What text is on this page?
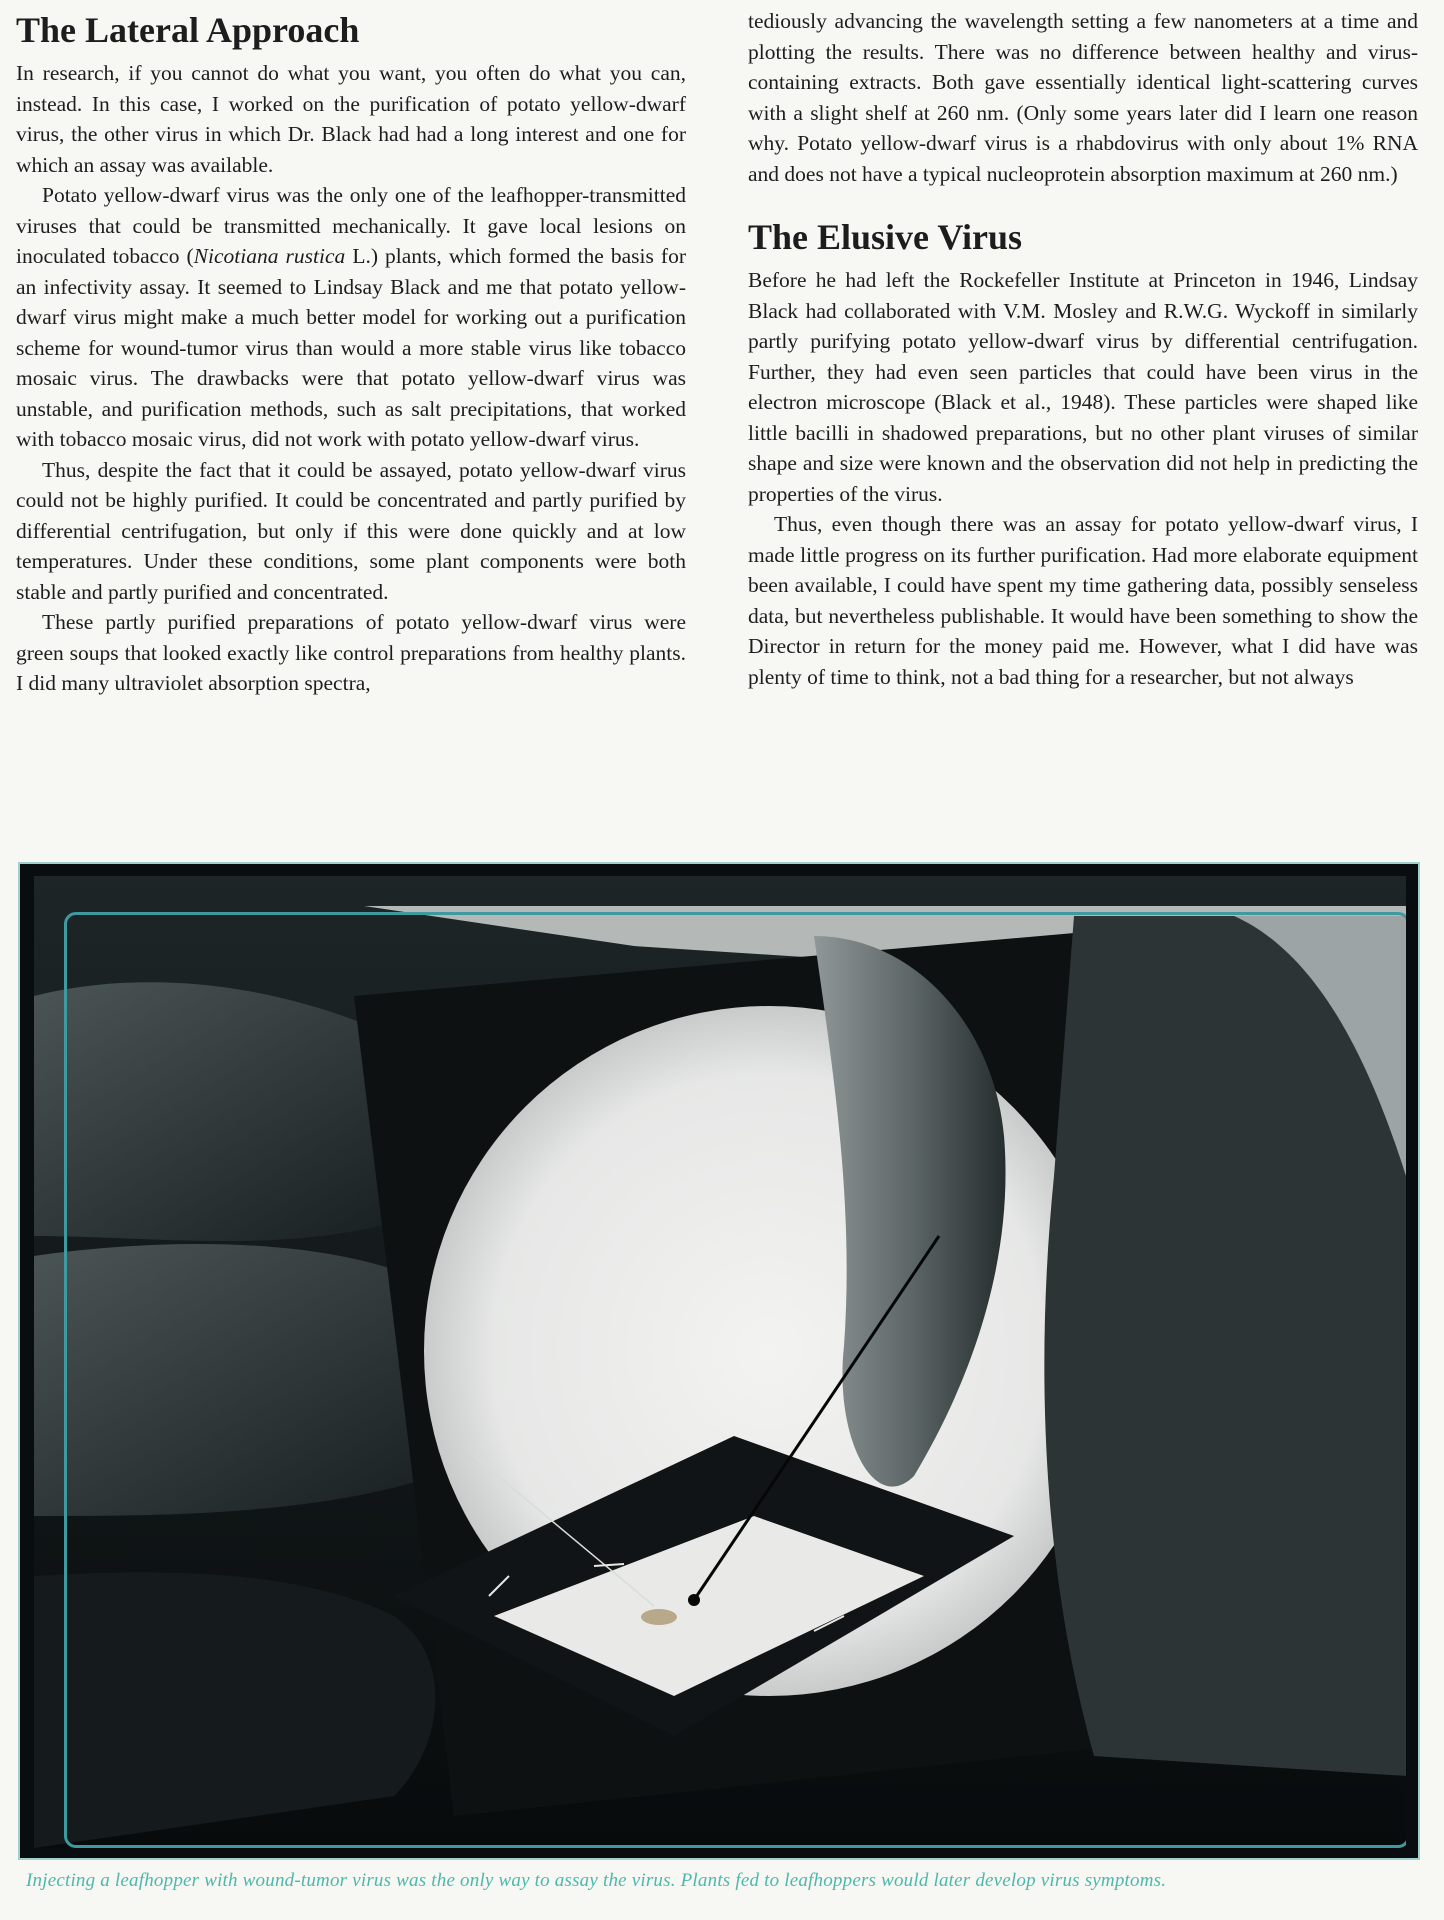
The Lateral Approach

In research, if you cannot do what you want, you often do what you can, instead. In this case, I worked on the purification of potato yellow-dwarf virus, the other virus in which Dr. Black had had a long interest and one for which an assay was available.

Potato yellow-dwarf virus was the only one of the leafhopper-transmitted viruses that could be transmitted mechanically. It gave local lesions on inoculated tobacco (Nicotiana rustica L.) plants, which formed the basis for an infectivity assay. It seemed to Lindsay Black and me that potato yellow-dwarf virus might make a much better model for working out a purification scheme for wound-tumor virus than would a more stable virus like tobacco mosaic virus. The drawbacks were that potato yellow-dwarf virus was unstable, and purification methods, such as salt precipitations, that worked with tobacco mosaic virus, did not work with potato yellow-dwarf virus.

Thus, despite the fact that it could be assayed, potato yellow-dwarf virus could not be highly purified. It could be concentrated and partly purified by differential centrifugation, but only if this were done quickly and at low temperatures. Under these conditions, some plant components were both stable and partly purified and concentrated.

These partly purified preparations of potato yellow-dwarf virus were green soups that looked exactly like control preparations from healthy plants. I did many ultraviolet absorption spectra,

tediously advancing the wavelength setting a few nanometers at a time and plotting the results. There was no difference between healthy and virus-containing extracts. Both gave essentially identical light-scattering curves with a slight shelf at 260 nm. (Only some years later did I learn one reason why. Potato yellow-dwarf virus is a rhabdovirus with only about 1% RNA and does not have a typical nucleoprotein absorption maximum at 260 nm.)

The Elusive Virus

Before he had left the Rockefeller Institute at Princeton in 1946, Lindsay Black had collaborated with V.M. Mosley and R.W.G. Wyckoff in similarly partly purifying potato yellow-dwarf virus by differential centrifugation. Further, they had even seen particles that could have been virus in the electron microscope (Black et al., 1948). These particles were shaped like little bacilli in shadowed preparations, but no other plant viruses of similar shape and size were known and the observation did not help in predicting the properties of the virus.

Thus, even though there was an assay for potato yellow-dwarf virus, I made little progress on its further purification. Had more elaborate equipment been available, I could have spent my time gathering data, possibly senseless data, but nevertheless publishable. It would have been something to show the Director in return for the money paid me. However, what I did have was plenty of time to think, not a bad thing for a researcher, but not always

Injecting a leafhopper with wound-tumor virus was the only way to assay the virus. Plants fed to leafhoppers would later develop virus symptoms.
